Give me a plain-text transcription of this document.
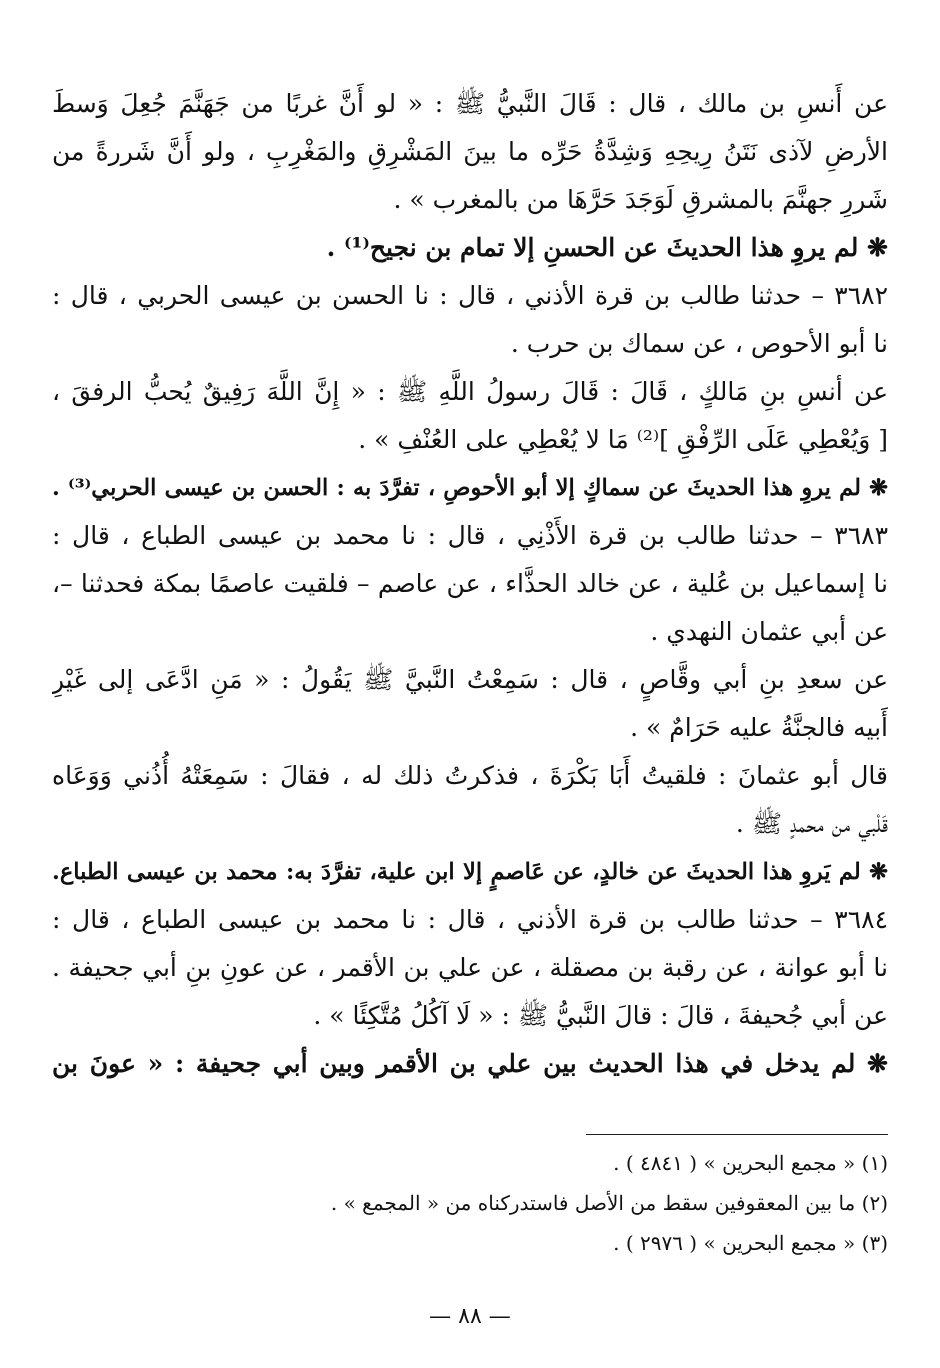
عن أَنسِ بن مالك ، قال : قَالَ النَّبيُّ ﷺ : « لو أَنَّ غربًا من جَهَنَّمَ جُعِلَ وَسطَ
الأرضِ لآذى نَتَنُ رِيحِهِ وَشِدَّةُ حَرِّه ما بينَ المَشْرِقِ والمَغْرِبِ ، ولو أَنَّ شَررةً من
شَررِ جهنَّمَ بالمشرقِ لَوَجَدَ حَرَّهَا من بالمغرب » .
❋ لم يروِ هذا الحديثَ عن الحسنِ إلا تمام بن نجيح⁽¹⁾ .
٣٦٨٢ – حدثنا طالب بن قرة الأذني ، قال : نا الحسن بن عيسى الحربي ، قال :
نا أبو الأحوص ، عن سماك بن حرب .
عن أنسِ بنِ مَالكٍ ، قَالَ : قَالَ رسولُ اللَّهِ ﷺ : « إِنَّ اللَّهَ رَفِيقٌ يُحبُّ الرفقَ ،
[ وَيُعْطِي عَلَى الرِّفْقِ ]⁽²⁾ مَا لا يُعْطِي على العُنْفِ » .
❋ لم يروِ هذا الحديثَ عن سماكٍ إلا أبو الأحوصِ ، تفرَّدَ به : الحسن بن عيسى الحربي⁽³⁾ .
٣٦٨٣ – حدثنا طالب بن قرة الأَذْنِي ، قال : نا محمد بن عيسى الطباع ، قال :
نا إسماعيل بن عُلية ، عن خالد الحذَّاء ، عن عاصم – فلقيت عاصمًا بمكة فحدثنا –،
عن أبي عثمان النهدي .
عن سعدِ بنِ أبي وقَّاصٍ ، قال : سَمِعْتُ النَّبيَّ ﷺ يَقُولُ : « مَنِ ادَّعَى إلى غَيْرِ
أَبيه فالجنَّةُ عليه حَرَامٌ » .
قال أبو عثمانَ : فلقيتُ أَبَا بَكْرَةَ ، فذكرتُ ذلك له ، فقالَ : سَمِعَتْهُ أُذُني وَوَعَاه
قَلْبي من محمدٍ ﷺ .
❋ لم يَروِ هذا الحديثَ عن خالدٍ، عن عَاصمٍ إلا ابن علية، تفرَّدَ به: محمد بن عيسى الطباع.
٣٦٨٤ – حدثنا طالب بن قرة الأذني ، قال : نا محمد بن عيسى الطباع ، قال :
نا أبو عوانة ، عن رقبة بن مصقلة ، عن علي بن الأقمر ، عن عونِ بنِ أبي جحيفة .
عن أبي جُحيفةَ ، قالَ : قالَ النَّبيُّ ﷺ : « لَا آكُلُ مُتَّكِئًا » .
❋ لم يدخل في هذا الحديث بين علي بن الأقمر وبين أبي جحيفة : « عونَ بن
(١) « مجمع البحرين » ( ٤٨٤١ ) .
(٢) ما بين المعقوفين سقط من الأصل فاستدركناه من « المجمع » .
(٣) « مجمع البحرين » ( ٢٩٧٦ ) .
— ٨٨ —
